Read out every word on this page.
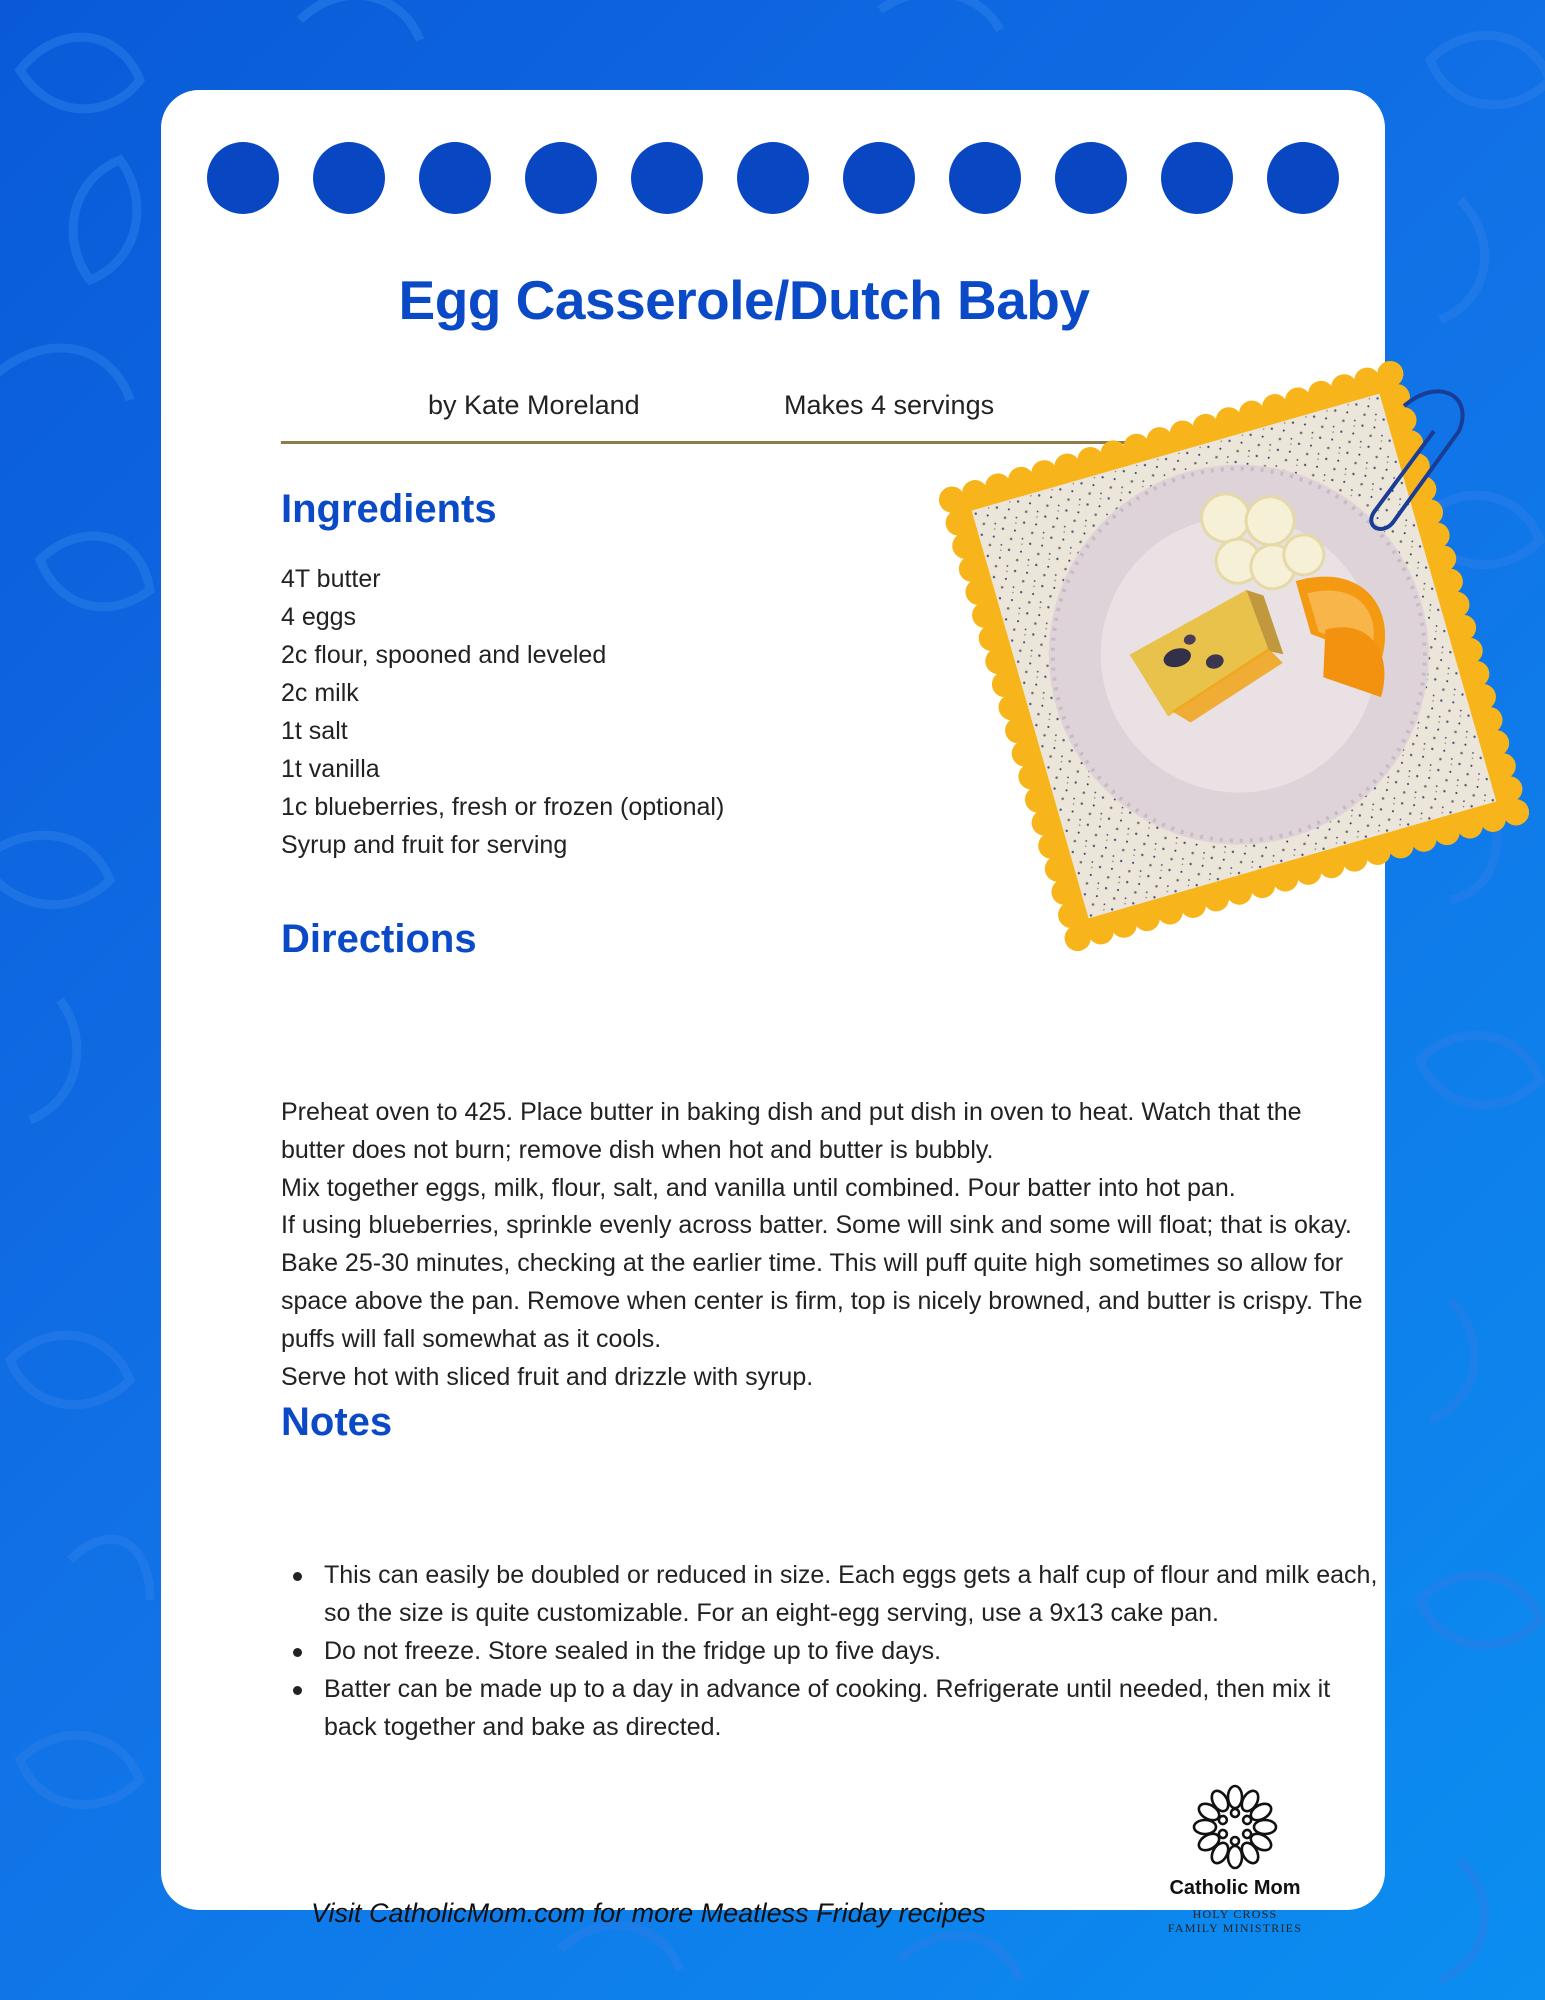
Egg Casserole/Dutch Baby
by Kate Moreland	Makes 4 servings
Ingredients
4T butter
4 eggs
2c flour, spooned and leveled
2c milk
1t salt
1t vanilla
1c blueberries, fresh or frozen (optional)
Syrup and fruit for serving
Directions
Preheat oven to 425. Place butter in baking dish and put dish in oven to heat. Watch that the butter does not burn; remove dish when hot and butter is bubbly.
Mix together eggs, milk, flour, salt, and vanilla until combined. Pour batter into hot pan.
If using blueberries, sprinkle evenly across batter. Some will sink and some will float; that is okay.
Bake 25-30 minutes, checking at the earlier time. This will puff quite high sometimes so allow for space above the pan. Remove when center is firm, top is nicely browned, and butter is crispy. The puffs will fall somewhat as it cools.
Serve hot with sliced fruit and drizzle with syrup.
Notes
This can easily be doubled or reduced in size. Each eggs gets a half cup of flour and milk each, so the size is quite customizable. For an eight-egg serving, use a 9x13 cake pan.
Do not freeze. Store sealed in the fridge up to five days.
Batter can be made up to a day in advance of cooking. Refrigerate until needed, then mix it back together and bake as directed.
Visit CatholicMom.com for more Meatless Friday recipes
Catholic Mom
HOLY CROSS
FAMILY MINISTRIES
